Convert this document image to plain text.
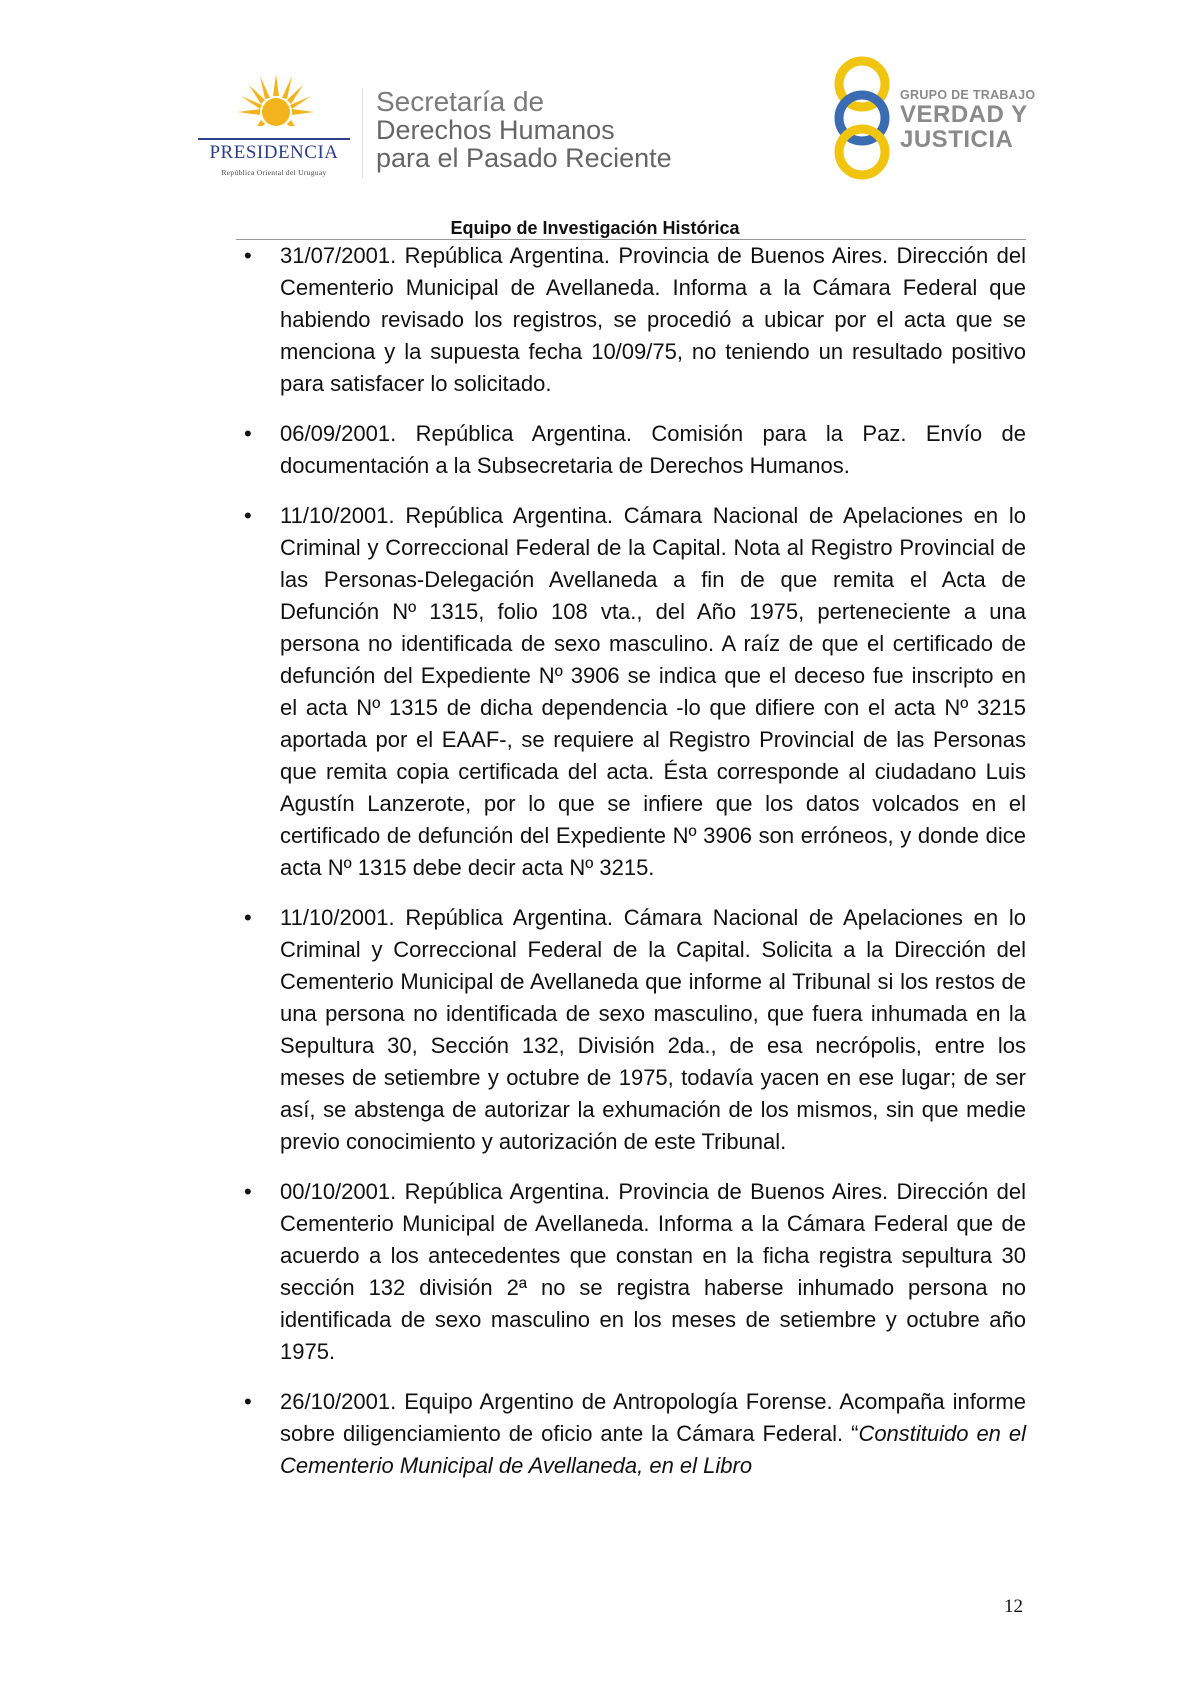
PRESIDENCIA
República Oriental del Uruguay
Secretaría de
Derechos Humanos
para el Pasado Reciente
GRUPO DE TRABAJO
VERDAD Y
JUSTICIA
Equipo de Investigación Histórica
• 31/07/2001. República Argentina. Provincia de Buenos Aires. Dirección del Cementerio Municipal de Avellaneda. Informa a la Cámara Federal que habiendo revisado los registros, se procedió a ubicar por el acta que se menciona y la supuesta fecha 10/09/75, no teniendo un resultado positivo para satisfacer lo solicitado.

• 06/09/2001. República Argentina. Comisión para la Paz. Envío de documentación a la Subsecretaria de Derechos Humanos.

• 11/10/2001. República Argentina. Cámara Nacional de Apelaciones en lo Criminal y Correccional Federal de la Capital. Nota al Registro Provincial de las Personas-Delegación Avellaneda a fin de que remita el Acta de Defunción Nº 1315, folio 108 vta., del Año 1975, perteneciente a una persona no identificada de sexo masculino. A raíz de que el certificado de defunción del Expediente Nº 3906 se indica que el deceso fue inscripto en el acta Nº 1315 de dicha dependencia -lo que difiere con el acta Nº 3215 aportada por el EAAF-, se requiere al Registro Provincial de las Personas que remita copia certificada del acta. Ésta corresponde al ciudadano Luis Agustín Lanzerote, por lo que se infiere que los datos volcados en el certificado de defunción del Expediente Nº 3906 son erróneos, y donde dice acta Nº 1315 debe decir acta Nº 3215.

• 11/10/2001. República Argentina. Cámara Nacional de Apelaciones en lo Criminal y Correccional Federal de la Capital. Solicita a la Dirección del Cementerio Municipal de Avellaneda que informe al Tribunal si los restos de una persona no identificada de sexo masculino, que fuera inhumada en la Sepultura 30, Sección 132, División 2da., de esa necrópolis, entre los meses de setiembre y octubre de 1975, todavía yacen en ese lugar; de ser así, se abstenga de autorizar la exhumación de los mismos, sin que medie previo conocimiento y autorización de este Tribunal.

• 00/10/2001. República Argentina. Provincia de Buenos Aires. Dirección del Cementerio Municipal de Avellaneda. Informa a la Cámara Federal que de acuerdo a los antecedentes que constan en la ficha registra sepultura 30 sección 132 división 2ª no se registra haberse inhumado persona no identificada de sexo masculino en los meses de setiembre y octubre año 1975.

• 26/10/2001. Equipo Argentino de Antropología Forense. Acompaña informe sobre diligenciamiento de oficio ante la Cámara Federal. “Constituido en el Cementerio Municipal de Avellaneda, en el Libro

12
